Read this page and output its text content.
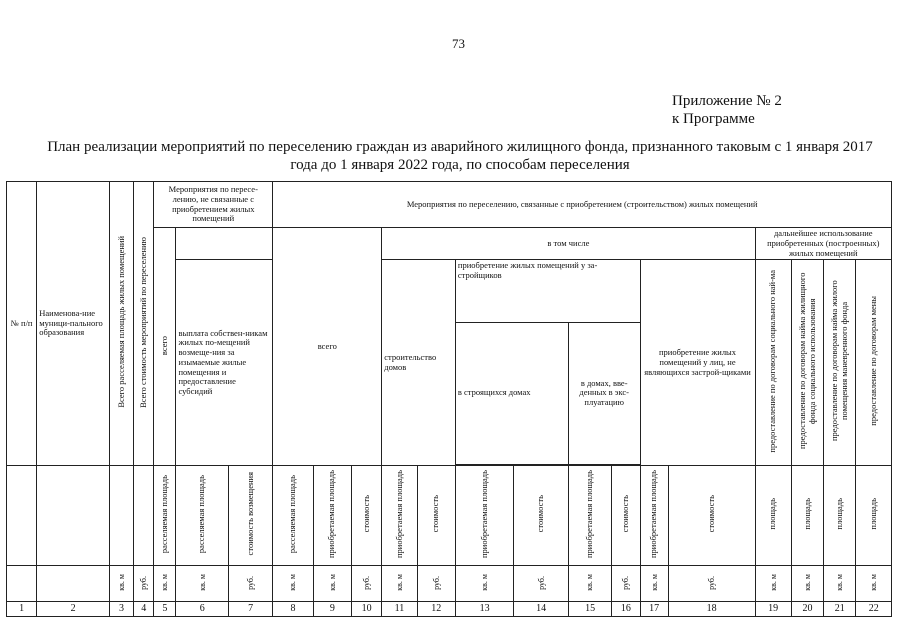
73
Приложение № 2
к Программе
План реализации мероприятий по переселению граждан из аварийного жилищного фонда, признанного таковым с 1 января 2017 года до 1 января 2022 года, по способам переселения
№ п/п	Наименова-ние муници-пального образования	Всего расселяемая площадь жилых помещений	Всего стоимость мероприятий по переселению	Мероприятия по пересе-лению, не связанные с приобретением жилых помещений			Мероприятия по переселению, связанные с приобретением (строительством) жилых помещений														
				всего			всего			в том числе								дальнейшее использование приобретенных (построенных) жилых помещений			
					выплата собствен-никам жилых по-мещений возмеще-ния за изымаемые жилые помещения и предоставление субсидий					строительство домов		приобретение жилых помещений у за-стройщиков				приобретение жилых помещений у лиц, не являющихся застрой-щиками		предоставление по договорам социального най-ма	предоставление по договорам найма жилищного фонда социального использования	предоставление по договорам найма жилого помещения маневренного фонда	предоставление по договорам мены
												в строящихся домах		в домах, вве-денных в экс-плуатацию							

				расселяемая площадь	расселяемая площадь	стоимость возмещения	расселяемая площадь	приобретаемая площадь	стоимость	приобретаемая площадь	стоимость	приобретаемая площадь	стоимость	приобретаемая площадь	стоимость	приобретаемая площадь	стоимость	площадь	площадь	площадь	площадь
		кв. м	руб.	кв. м	кв. м	руб.	кв. м	кв. м	руб.	кв. м	руб.	кв. м	руб.	кв. м	руб.	кв. м	руб.	кв. м	кв. м	кв. м	кв. м
1	2	3	4	5	6	7	8	9	10	11	12	13	14	15	16	17	18	19	20	21	22
